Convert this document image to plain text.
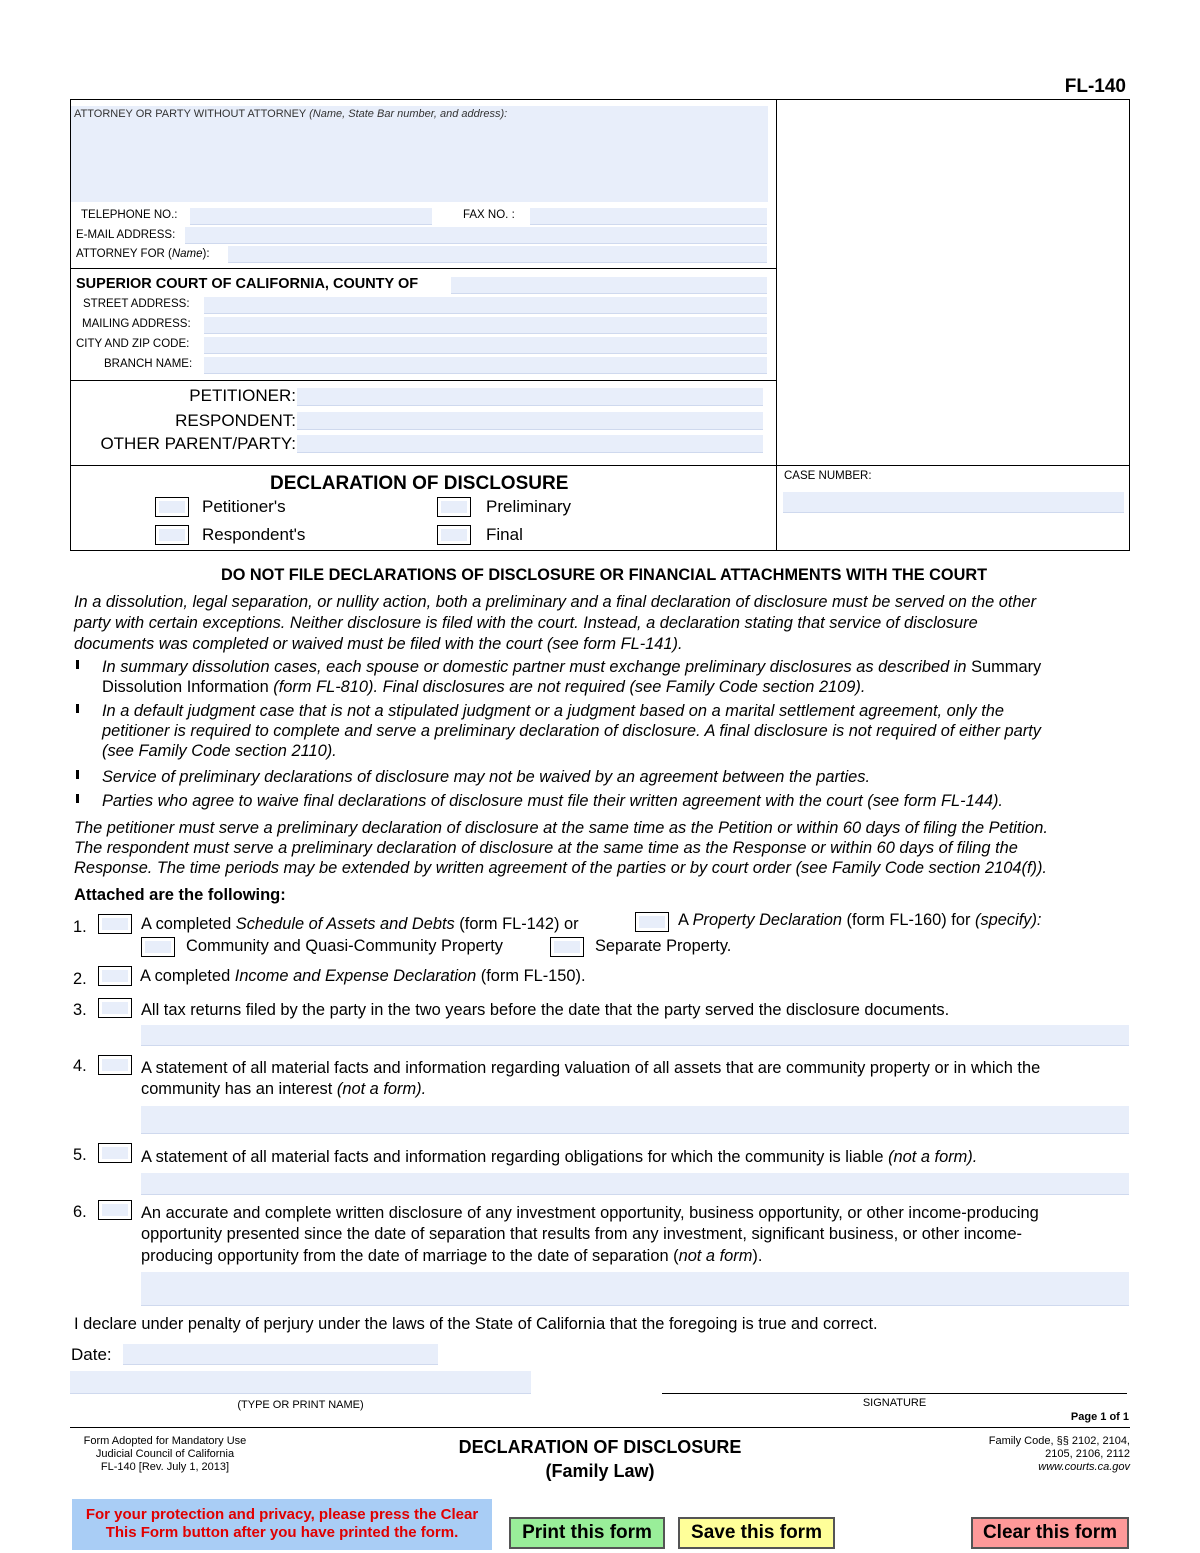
FL-140
ATTORNEY OR PARTY WITHOUT ATTORNEY (Name, State Bar number, and address):
TELEPHONE NO.:	FAX NO. :
E-MAIL ADDRESS:
ATTORNEY FOR (Name):
SUPERIOR COURT OF CALIFORNIA, COUNTY OF
STREET ADDRESS:
MAILING ADDRESS:
CITY AND ZIP CODE:
BRANCH NAME:
PETITIONER:
RESPONDENT:
OTHER PARENT/PARTY:
DECLARATION OF DISCLOSURE
Petitioner's
Respondent's
Preliminary
Final
CASE NUMBER:
DO NOT FILE DECLARATIONS OF DISCLOSURE OR FINANCIAL ATTACHMENTS WITH THE COURT
In a dissolution, legal separation, or nullity action, both a preliminary and a final declaration of disclosure must be served on the other
party with certain exceptions. Neither disclosure is filed with the court. Instead, a declaration stating that service of disclosure
documents was completed or waived must be filed with the court (see form FL-141).
In summary dissolution cases, each spouse or domestic partner must exchange preliminary disclosures as described in Summary
Dissolution Information (form FL-810). Final disclosures are not required (see Family Code section 2109).
In a default judgment case that is not a stipulated judgment or a judgment based on a marital settlement agreement, only the
petitioner is required to complete and serve a preliminary declaration of disclosure. A final disclosure is not required of either party
(see Family Code section 2110).
Service of preliminary declarations of disclosure may not be waived by an agreement between the parties.
Parties who agree to waive final declarations of disclosure must file their written agreement with the court (see form FL-144).
The petitioner must serve a preliminary declaration of disclosure at the same time as the Petition or within 60 days of filing the Petition.
The respondent must serve a preliminary declaration of disclosure at the same time as the Response or within 60 days of filing the
Response. The time periods may be extended by written agreement of the parties or by court order (see Family Code section 2104(f)).
Attached are the following:
1.	A completed Schedule of Assets and Debts (form FL-142) or	A Property Declaration (form FL-160) for (specify):
Community and Quasi-Community Property	Separate Property.
2.	A completed Income and Expense Declaration (form FL-150).
3.	All tax returns filed by the party in the two years before the date that the party served the disclosure documents.
4.	A statement of all material facts and information regarding valuation of all assets that are community property or in which the
community has an interest (not a form).
5.	A statement of all material facts and information regarding obligations for which the community is liable (not a form).
6.	An accurate and complete written disclosure of any investment opportunity, business opportunity, or other income-producing
opportunity presented since the date of separation that results from any investment, significant business, or other income-
producing opportunity from the date of marriage to the date of separation (not a form).
I declare under penalty of perjury under the laws of the State of California that the foregoing is true and correct.
Date:
(TYPE OR PRINT NAME)	SIGNATURE
Page 1 of 1
Form Adopted for Mandatory Use
Judicial Council of California
FL-140 [Rev. July 1, 2013]
DECLARATION OF DISCLOSURE
(Family Law)
Family Code, §§ 2102, 2104,
2105, 2106, 2112
www.courts.ca.gov
For your protection and privacy, please press the Clear
This Form button after you have printed the form.	Print this form	Save this form	Clear this form
